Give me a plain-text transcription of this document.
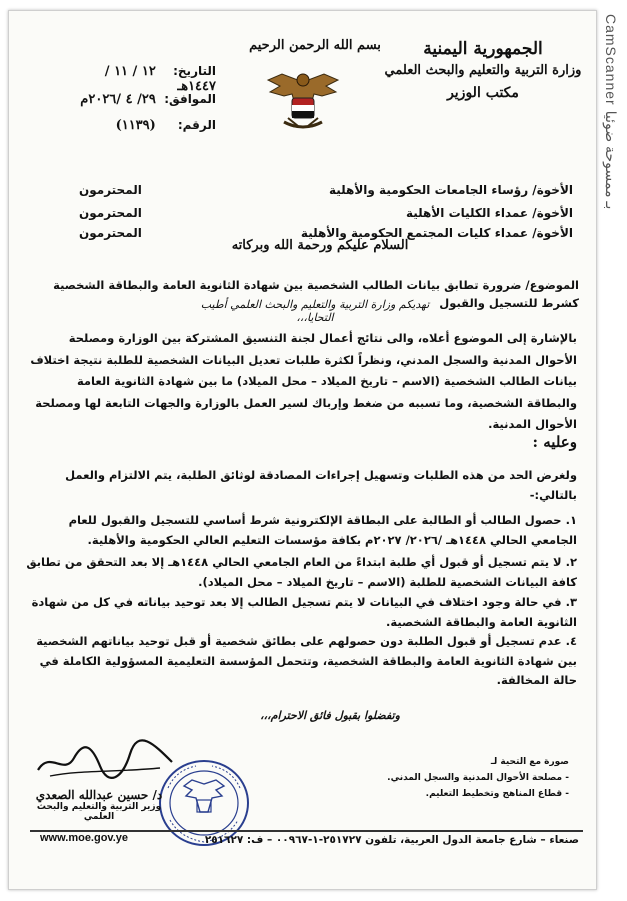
CamScanner بـ ممسوحة ضوئيا
الجمهورية اليمنية
وزارة التربية والتعليم والبحث العلمي
مكتب الوزير
بسم الله الرحمن الرحيم
التاريخ: ١٢ / ١١ / ١٤٤٧هـ
الموافق: ٢٩/ ٤ /٢٠٢٦م
الرقم: (١١٣٩)
الأخوة/ رؤساء الجامعات الحكومية والأهلية
المحترمون
الأخوة/ عمداء الكليات الأهلية
المحترمون
الأخوة/ عمداء كليات المجتمع الحكومية والأهلية
المحترمون
السلام عليكم ورحمة الله وبركاته
الموضوع/ ضرورة تطابق بيانات الطالب الشخصية بين شهادة الثانوية العامة والبطاقة الشخصية كشرط للتسجيل والقبول
تهديكم وزارة التربية والتعليم والبحث العلمي أطيب التحايا،،،
بالإشارة إلى الموضوع أعلاه، والى نتائج أعمال لجنة التنسيق المشتركة بين الوزارة ومصلحة الأحوال المدنية والسجل المدني، ونظراً لكثرة طلبات تعديل البيانات الشخصية للطلبة نتيجة اختلاف بيانات الطالب الشخصية (الاسم – تاريخ الميلاد – محل الميلاد) ما بين شهادة الثانوية العامة والبطاقة الشخصية، وما تسببه من ضغط وإرباك لسير العمل بالوزارة والجهات التابعة لها ومصلحة الأحوال المدنية.
وعليه :
ولغرض الحد من هذه الطلبات وتسهيل إجراءات المصادقة لوثائق الطلبة، يتم الالتزام والعمل بالتالي:-
١. حصول الطالب أو الطالبة على البطاقة الإلكترونية شرط أساسي للتسجيل والقبول للعام الجامعي الحالي ١٤٤٨هـ /٢٠٢٦/ ٢٠٢٧م بكافة مؤسسات التعليم العالي الحكومية والأهلية.
٢. لا يتم تسجيل أو قبول أي طلبة ابتداءً من العام الجامعي الحالي ١٤٤٨هـ إلا بعد التحقق من تطابق كافة البيانات الشخصية للطلبة (الاسم – تاريخ الميلاد – محل الميلاد).
٣. في حالة وجود اختلاف في البيانات لا يتم تسجيل الطالب إلا بعد توحيد بياناته في كل من شهادة الثانوية العامة والبطاقة الشخصية.
٤. عدم تسجيل أو قبول الطلبة دون حصولهم على بطائق شخصية أو قبل توحيد بياناتهم الشخصية بين شهادة الثانوية العامة والبطاقة الشخصية، وتتحمل المؤسسة التعليمية المسؤولية الكاملة في حالة المخالفة.
وتفضلوا بقبول فائق الاحترام،،،
صورة مع التحية لـ
- مصلحة الأحوال المدنية والسجل المدني.
- قطاع المناهج وتخطيط التعليم.
د/ حسين عبدالله الصعدي
وزير التربية والتعليم والبحث العلمي
صنعاء – شارع جامعة الدول العربية، تلفون ٢٥١٧٢٧-١-٠٠٩٦٧ – ف: ٢٥١٦٢٧
www.moe.gov.ye
